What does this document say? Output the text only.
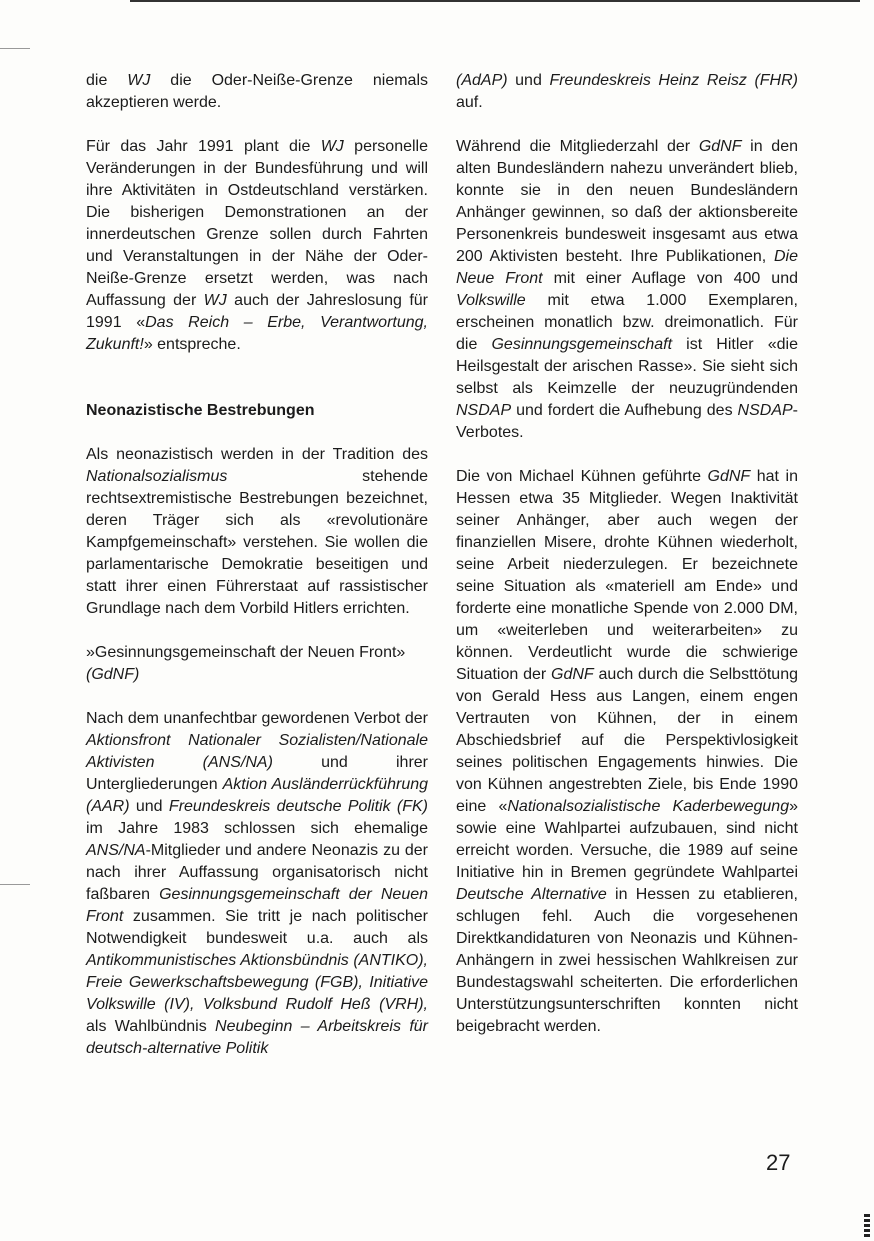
die WJ die Oder-Neiße-Grenze niemals akzeptieren werde.

Für das Jahr 1991 plant die WJ personelle Veränderungen in der Bundesführung und will ihre Aktivitäten in Ostdeutschland verstärken. Die bisherigen Demonstrationen an der innerdeutschen Grenze sollen durch Fahrten und Veranstaltungen in der Nähe der Oder-Neiße-Grenze ersetzt werden, was nach Auffassung der WJ auch der Jahreslosung für 1991 «Das Reich – Erbe, Verantwortung, Zukunft!» entspreche.

Neonazistische Bestrebungen

Als neonazistisch werden in der Tradition des Nationalsozialismus stehende rechtsextremistische Bestrebungen bezeichnet, deren Träger sich als «revolutionäre Kampfgemeinschaft» verstehen. Sie wollen die parlamentarische Demokratie beseitigen und statt ihrer einen Führerstaat auf rassistischer Grundlage nach dem Vorbild Hitlers errichten.

»Gesinnungsgemeinschaft der Neuen Front» (GdNF)

Nach dem unanfechtbar gewordenen Verbot der Aktionsfront Nationaler Sozialisten/Nationale Aktivisten (ANS/NA) und ihrer Untergliederungen Aktion Ausländerrückführung (AAR) und Freundeskreis deutsche Politik (FK) im Jahre 1983 schlossen sich ehemalige ANS/NA-Mitglieder und andere Neonazis zu der nach ihrer Auffassung organisatorisch nicht faßbaren Gesinnungsgemeinschaft der Neuen Front zusammen. Sie tritt je nach politischer Notwendigkeit bundesweit u.a. auch als Antikommunistisches Aktionsbündnis (ANTIKO), Freie Gewerkschaftsbewegung (FGB), Initiative Volkswille (IV), Volksbund Rudolf Heß (VRH), als Wahlbündnis Neubeginn – Arbeitskreis für deutsch-alternative Politik

(AdAP) und Freundeskreis Heinz Reisz (FHR) auf.

Während die Mitgliederzahl der GdNF in den alten Bundesländern nahezu unverändert blieb, konnte sie in den neuen Bundesländern Anhänger gewinnen, so daß der aktionsbereite Personenkreis bundesweit insgesamt aus etwa 200 Aktivisten besteht. Ihre Publikationen, Die Neue Front mit einer Auflage von 400 und Volkswille mit etwa 1.000 Exemplaren, erscheinen monatlich bzw. dreimonatlich. Für die Gesinnungsgemeinschaft ist Hitler «die Heilsgestalt der arischen Rasse». Sie sieht sich selbst als Keimzelle der neuzugründenden NSDAP und fordert die Aufhebung des NSDAP-Verbotes.

Die von Michael Kühnen geführte GdNF hat in Hessen etwa 35 Mitglieder. Wegen Inaktivität seiner Anhänger, aber auch wegen der finanziellen Misere, drohte Kühnen wiederholt, seine Arbeit niederzulegen. Er bezeichnete seine Situation als «materiell am Ende» und forderte eine monatliche Spende von 2.000 DM, um «weiterleben und weiterarbeiten» zu können. Verdeutlicht wurde die schwierige Situation der GdNF auch durch die Selbsttötung von Gerald Hess aus Langen, einem engen Vertrauten von Kühnen, der in einem Abschiedsbrief auf die Perspektivlosigkeit seines politischen Engagements hinwies. Die von Kühnen angestrebten Ziele, bis Ende 1990 eine «Nationalsozialistische Kaderbewegung» sowie eine Wahlpartei aufzubauen, sind nicht erreicht worden. Versuche, die 1989 auf seine Initiative hin in Bremen gegründete Wahlpartei Deutsche Alternative in Hessen zu etablieren, schlugen fehl. Auch die vorgesehenen Direktkandidaturen von Neonazis und Kühnen-Anhängern in zwei hessischen Wahlkreisen zur Bundestagswahl scheiterten. Die erforderlichen Unterstützungsunterschriften konnten nicht beigebracht werden.

27
